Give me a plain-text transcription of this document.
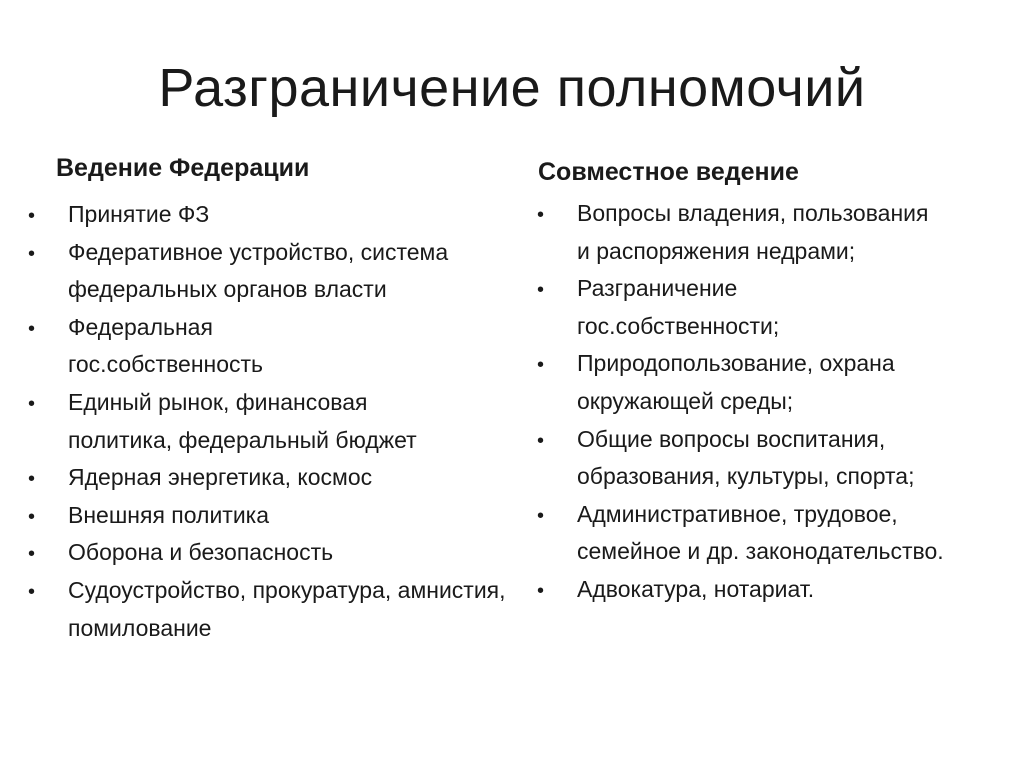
Разграничение полномочий
Ведение Федерации	Совместное ведение
•
Принятие ФЗ
•
Федеративное устройство, система федеральных органов власти
•
Федеральная гос.собственность
•
Единый рынок, финансовая политика, федеральный бюджет
•
Ядерная энергетика, космос
•
Внешняя политика
•
Оборона и безопасность
•
Судоустройство, прокуратура, амнистия, помилование
•
Вопросы владения, пользования и распоряжения недрами;
•
Разграничение гос.собственности;
•
Природопользование, охрана окружающей среды;
•
Общие вопросы воспитания, образования, культуры, спорта;
•
Административное, трудовое, семейное и др. законодательство.
•
Адвокатура, нотариат.
